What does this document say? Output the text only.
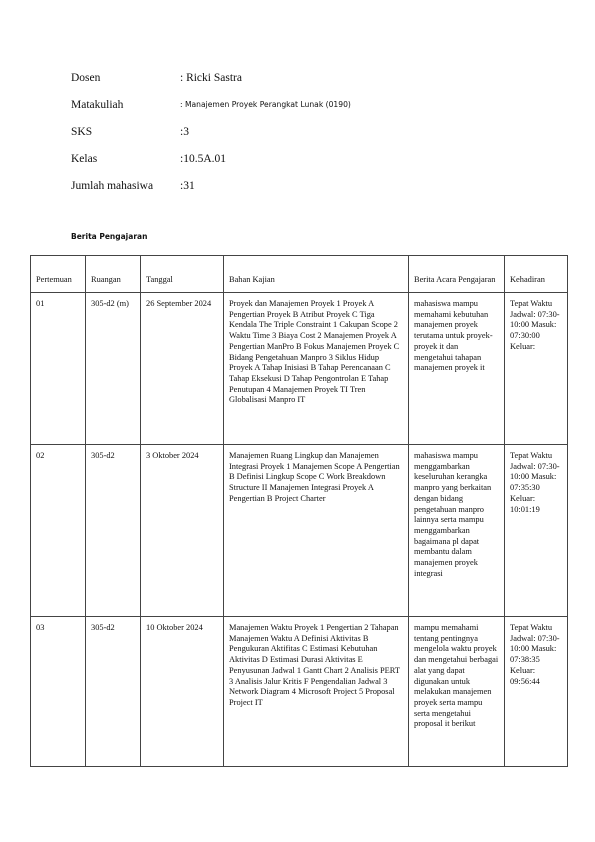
Dosen	: Ricki Sastra
Matakuliah	: Manajemen Proyek Perangkat Lunak (0190)
SKS	:3
Kelas	:10.5A.01
Jumlah mahasiwa :31
Berita Pengajaran
Pertemuan	Ruangan	Tanggal	Bahan Kajian	Berita Acara Pengajaran	Kehadiran
01	305-d2 (m)	26 September 2024	Proyek dan Manajemen Proyek 1 Proyek A Pengertian Proyek B Atribut Proyek C Tiga Kendala The Triple Constraint 1 Cakupan Scope 2 Waktu Time 3 Biaya Cost 2 Manajemen Proyek A Pengertian ManPro B Fokus Manajemen Proyek C Bidang Pengetahuan Manpro 3 Siklus Hidup Proyek A Tahap Inisiasi B Tahap Perencanaan C Tahap Eksekusi D Tahap Pengontrolan E Tahap Penutupan 4 Manajemen Proyek TI Tren Globalisasi Manpro IT	mahasiswa mampu memahami kebutuhan manajemen proyek terutama untuk proyek-proyek it dan mengetahui tahapan manajemen proyek it	Tepat Waktu Jadwal: 07:30-10:00 Masuk: 07:30:00 Keluar:
02	305-d2	3 Oktober 2024	Manajemen Ruang Lingkup dan Manajemen Integrasi Proyek 1 Manajemen Scope A Pengertian B Definisi Lingkup Scope C Work Breakdown Structure II Manajemen Integrasi Proyek A Pengertian B Project Charter	mahasiswa mampu menggambarkan keseluruhan kerangka manpro yang berkaitan dengan bidang pengetahuan manpro lainnya serta mampu menggambarkan bagaimana pl dapat membantu dalam manajemen proyek integrasi	Tepat Waktu Jadwal: 07:30-10:00 Masuk: 07:35:30 Keluar: 10:01:19
03	305-d2	10 Oktober 2024	Manajemen Waktu Proyek 1 Pengertian 2 Tahapan Manajemen Waktu A Definisi Aktivitas B Pengukuran Aktifitas C Estimasi Kebutuhan Aktivitas D Estimasi Durasi Aktivitas E Penyusunan Jadwal 1 Gantt Chart 2 Analisis PERT 3 Analisis Jalur Kritis F Pengendalian Jadwal 3 Network Diagram 4 Microsoft Project 5 Proposal Project IT	mampu memahami tentang pentingnya mengelola waktu proyek dan mengetahui berbagai alat yang dapat digunakan untuk melakukan manajemen proyek serta mampu serta mengetahui proposal it berikut	Tepat Waktu Jadwal: 07:30-10:00 Masuk: 07:38:35 Keluar: 09:56:44
